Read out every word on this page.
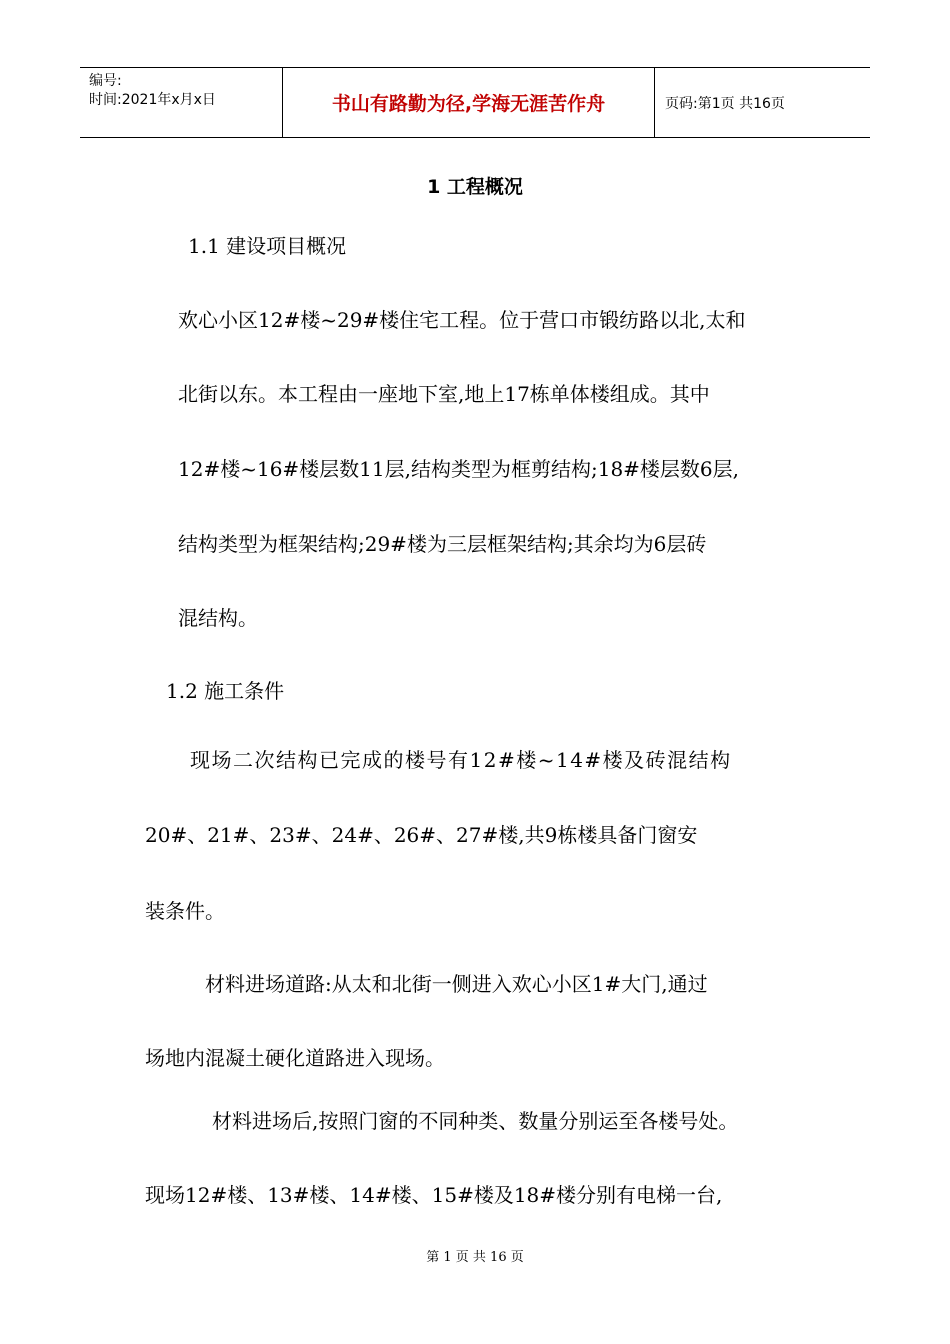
编号:
时间:2021年x月x日	书山有路勤为径,学海无涯苦作舟	页码:第1页 共16页
1 工程概况
1.1 建设项目概况
欢心小区12#楼~29#楼住宅工程。位于营口市锻纺路以北,太和
北街以东。本工程由一座地下室,地上17栋单体楼组成。其中
12#楼~16#楼层数11层,结构类型为框剪结构;18#楼层数6层,
结构类型为框架结构;29#楼为三层框架结构;其余均为6层砖
混结构。
1.2 施工条件
现场二次结构已完成的楼号有12#楼~14#楼及砖混结构
20#、21#、23#、24#、26#、27#楼,共9栋楼具备门窗安
装条件。
材料进场道路:从太和北街一侧进入欢心小区1#大门,通过
场地内混凝土硬化道路进入现场。
材料进场后,按照门窗的不同种类、数量分别运至各楼号处。
现场12#楼、13#楼、14#楼、15#楼及18#楼分别有电梯一台,
第 1 页 共 16 页
